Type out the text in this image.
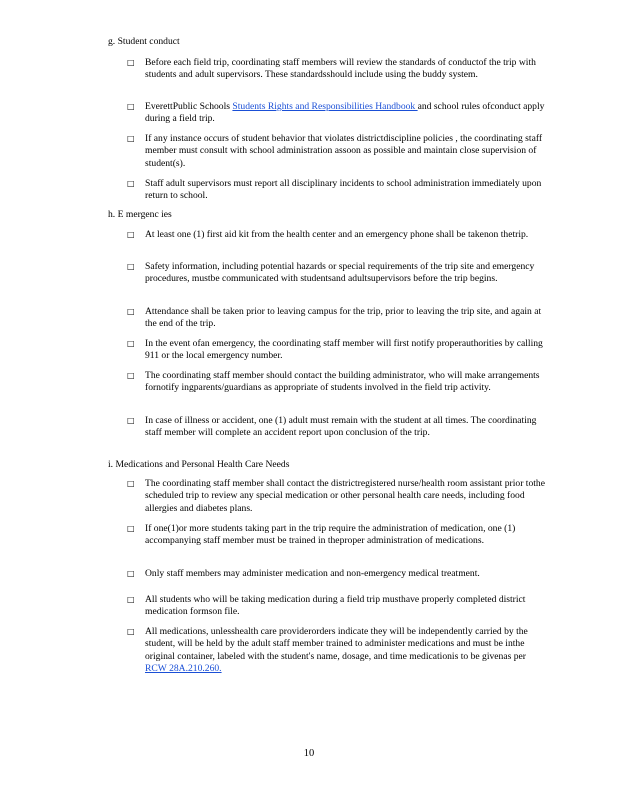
g. Student conduct
□ Before each field trip, coordinating staff members will review the standards of conductof the trip with students and adult supervisors. These standardsshould include using the buddy system.
□ EverettPublic Schools Students Rights and Responsibilities Handbook and school rules ofconduct apply during a field trip.
□ If any instance occurs of student behavior that violates districtdiscipline policies , the coordinating staff member must consult with school administration assoon as possible and maintain close supervision of student(s).
□ Staff adult supervisors must report all disciplinary incidents to school administration immediately upon return to school.
h. E mergenc ies
□ At least one (1) first aid kit from the health center and an emergency phone shall be takenon thetrip.
□ Safety information, including potential hazards or special requirements of the trip site and emergency procedures, mustbe communicated with studentsand adultsupervisors before the trip begins.
□ Attendance shall be taken prior to leaving campus for the trip, prior to leaving the trip site, and again at the end of the trip.
□ In the event ofan emergency, the coordinating staff member will first notify properauthorities by calling 911 or the local emergency number.
□ The coordinating staff member should contact the building administrator, who will make arrangements fornotify ingparents/guardians as appropriate of students involved in the field trip activity.
□ In case of illness or accident, one (1) adult must remain with the student at all times. The coordinating staff member will complete an accident report upon conclusion of the trip.
i. Medications and Personal Health Care Needs
□ The coordinating staff member shall contact the districtregistered nurse/health room assistant prior tothe scheduled trip to review any special medication or other personal health care needs, including food allergies and diabetes plans.
□ If one(1)or more students taking part in the trip require the administration of medication, one (1) accompanying staff member must be trained in theproper administration of medications.
□ Only staff members may administer medication and non-emergency medical treatment.
□ All students who will be taking medication during a field trip musthave properly completed district medication formson file.
□ All medications, unlesshealth care providerorders indicate they will be independently carried by the student, will be held by the adult staff member trained to administer medications and must be inthe original container, labeled with the student's name, dosage, and time medicationis to be givenas per RCW 28A.210.260.
10
